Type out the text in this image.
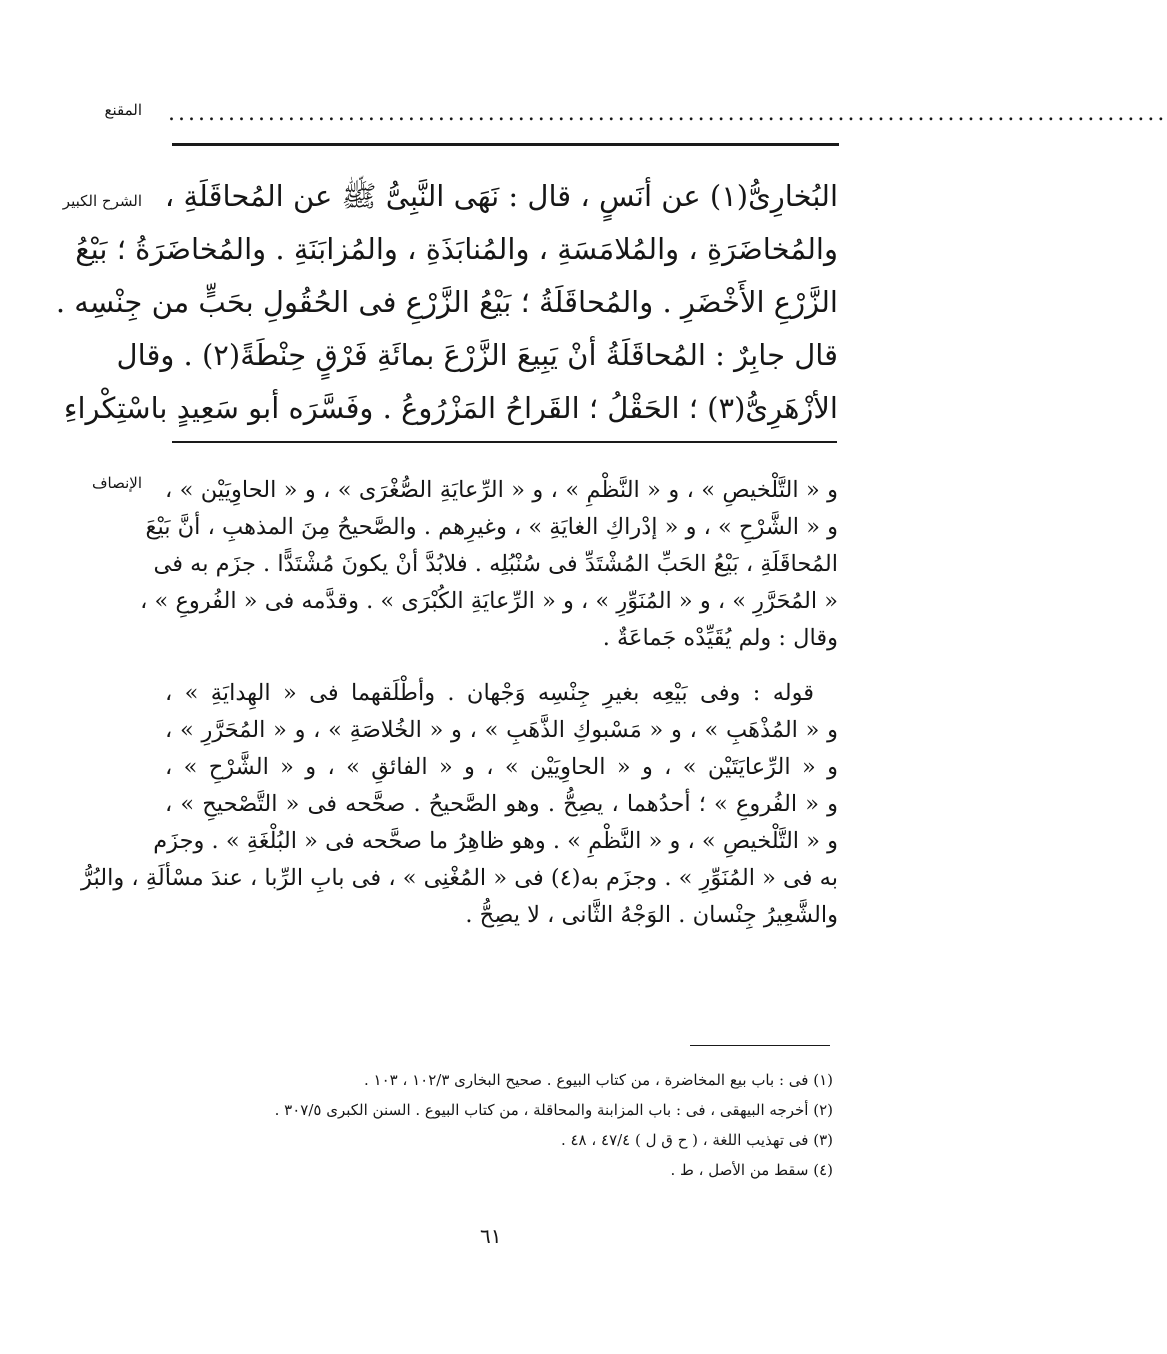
المقنع ....................................................................................................
الشرح الكبير البُخارِىُّ(١) عن أنَسٍ ، قال : نَهَى النَّبِىُّ ﷺ عن المُحاقَلَةِ ،
والمُخاضَرَةِ ، والمُلامَسَةِ ، والمُنابَذَةِ ، والمُزابَنَةِ . والمُخاضَرَةُ ؛ بَيْعُ
الزَّرْعِ الأَخْضَرِ . والمُحاقَلَةُ ؛ بَيْعُ الزَّرْعِ فى الحُقُولِ بحَبٍّ من جِنْسِه .
قال جابِرٌ : المُحاقَلَةُ أنْ يَبِيعَ الزَّرْعَ بمائَةِ فَرْقٍ حِنْطَةً(٢) . وقال
الأزْهَرِىُّ(٣) ؛ الحَقْلُ ؛ القَراحُ المَزْرُوعُ . وفَسَّرَه أبو سَعِيدٍ باسْتِكْراءِ
الإنصاف و « التَّلْخيصِ » ، و « النَّظْمِ » ، و « الرِّعايَةِ الصُّغْرَى » ، و « الحاوِيَيْن » ،
و « الشَّرْحِ » ، و « إدْراكِ الغايَةِ » ، وغيرِهم . والصَّحيحُ مِنَ المذهبِ ، أنَّ بَيْعَ
المُحاقَلَةِ ، بَيْعُ الحَبِّ المُشْتَدِّ فى سُنْبُلِه . فلابُدَّ أنْ يكونَ مُشْتَدًّا . جزَم به فى
« المُحَرَّرِ » ، و « المُنَوِّرِ » ، و « الرِّعايَةِ الكُبْرَى » . وقدَّمه فى « الفُروعِ » ،
وقال : ولم يُقَيِّدْه جَماعَةٌ .
قوله : وفى بَيْعِه بغيرِ جِنْسِه وَجْهان . وأطْلَقهما فى « الهِدايَةِ » ،
و « المُذْهَبِ » ، و « مَسْبوكِ الذَّهَبِ » ، و « الخُلاصَةِ » ، و « المُحَرَّرِ » ،
و « الرِّعايَتَيْن » ، و « الحاوِيَيْن » ، و « الفائقِ » ، و « الشَّرْحِ » ،
و « الفُروعِ » ؛ أحدُهما ، يصِحُّ . وهو الصَّحيحُ . صحَّحه فى « التَّصْحيحِ » ،
و « التَّلْخيصِ » ، و « النَّظْمِ » . وهو ظاهِرُ ما صحَّحه فى « البُلْغَةِ » . وجزَم
به فى « المُنَوِّرِ » . وجزَم به(٤) فى « المُغْنِى » ، فى بابِ الرِّبا ، عندَ مسْألَةِ ، والبُرُّ
والشَّعِيرُ جِنْسان . الوَجْهُ الثَّانى ، لا يصِحُّ .
(١) فى : باب بيع المخاضرة ، من كتاب البيوع . صحيح البخارى ١٠٢/٣ ، ١٠٣ .
(٢) أخرجه البيهقى ، فى : باب المزابنة والمحاقلة ، من كتاب البيوع . السنن الكبرى ٣٠٧/٥ .
(٣) فى تهذيب اللغة ، ( ح ق ل ) ٤٧/٤ ، ٤٨ .
(٤) سقط من الأصل ، ط .
٦١
